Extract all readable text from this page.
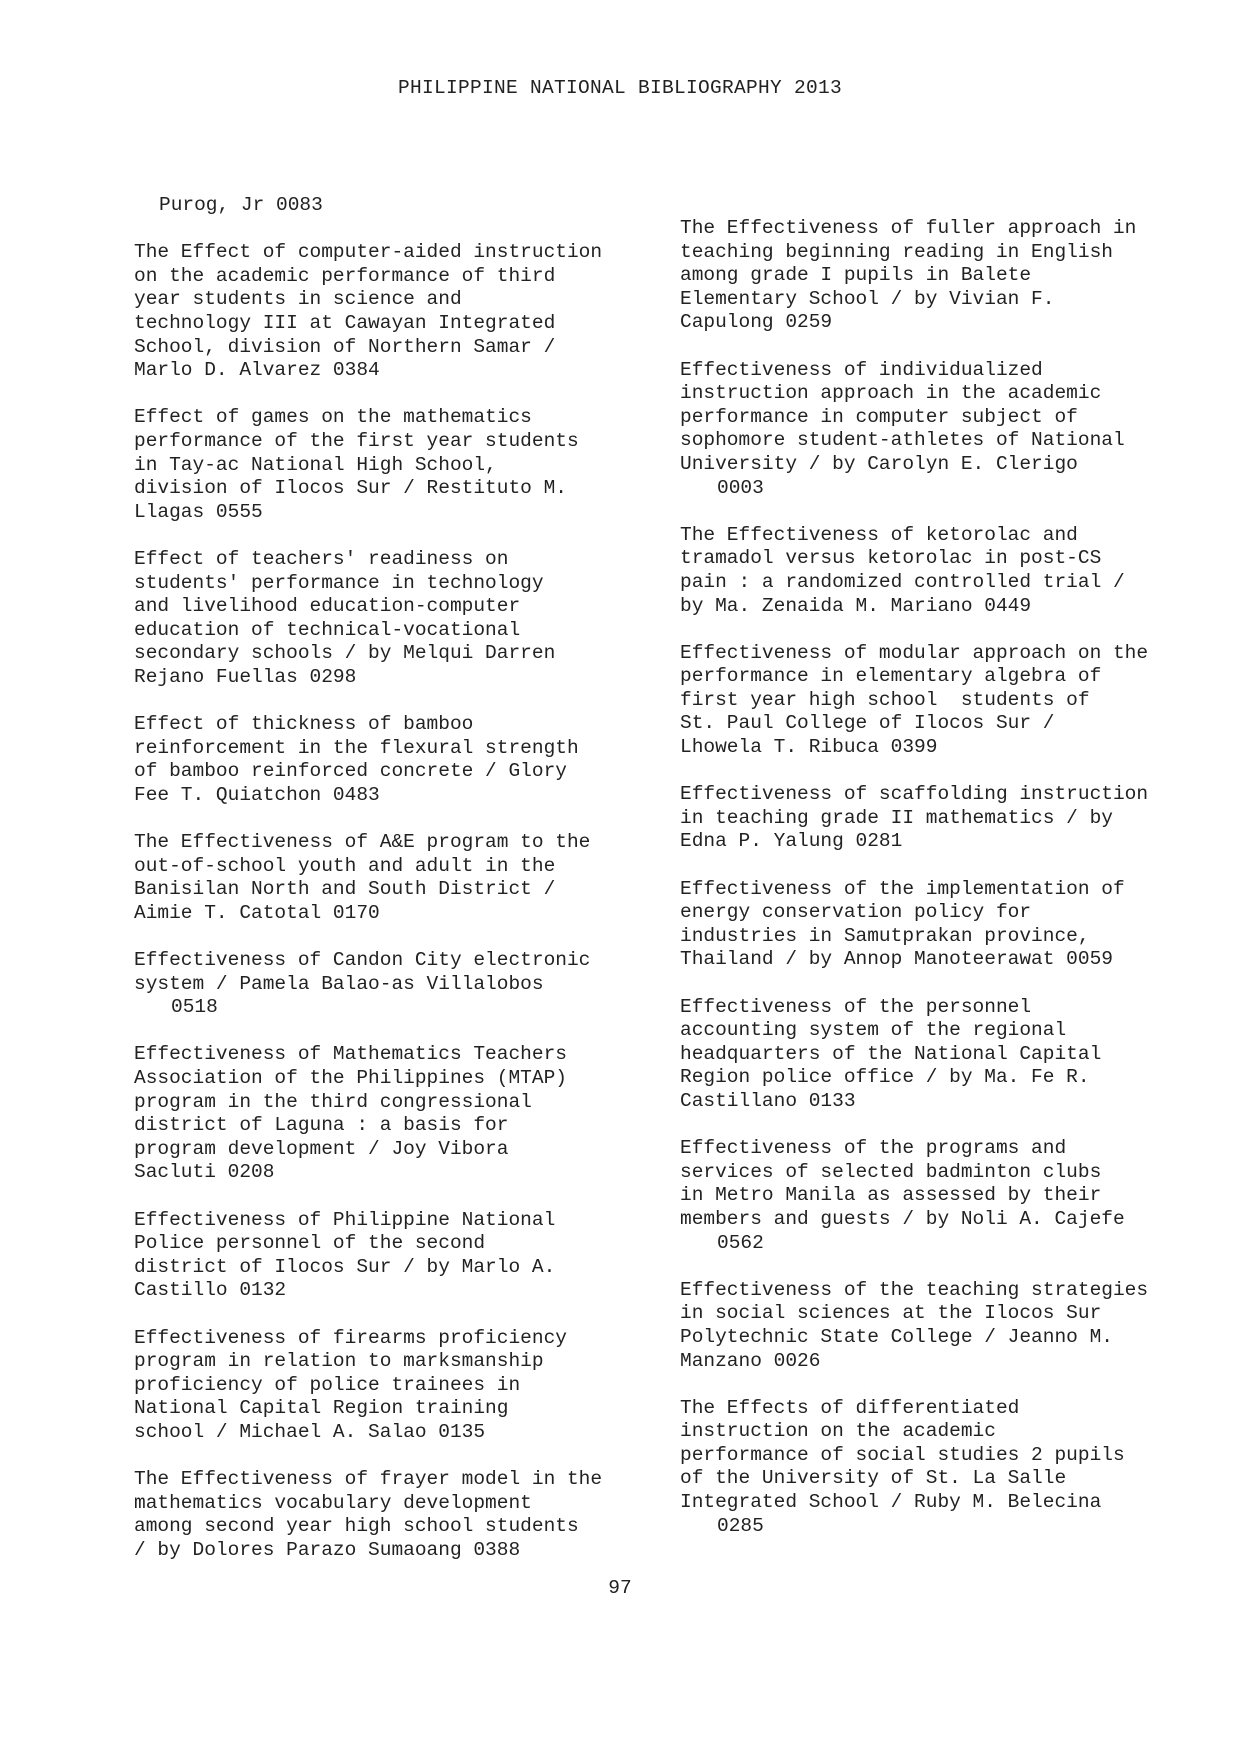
PHILIPPINE NATIONAL BIBLIOGRAPHY 2013

Purog, Jr 0083

The Effect of computer-aided instruction
on the academic performance of third
year students in science and
technology III at Cawayan Integrated
School, division of Northern Samar /
Marlo D. Alvarez 0384

Effect of games on the mathematics
performance of the first year students
in Tay-ac National High School,
division of Ilocos Sur / Restituto M.
Llagas 0555

Effect of teachers' readiness on
students' performance in technology
and livelihood education-computer
education of technical-vocational
secondary schools / by Melqui Darren
Rejano Fuellas 0298

Effect of thickness of bamboo
reinforcement in the flexural strength
of bamboo reinforced concrete / Glory
Fee T. Quiatchon 0483

The Effectiveness of A&E program to the
out-of-school youth and adult in the
Banisilan North and South District /
Aimie T. Catotal 0170

Effectiveness of Candon City electronic
system / Pamela Balao-as Villalobos
0518

Effectiveness of Mathematics Teachers
Association of the Philippines (MTAP)
program in the third congressional
district of Laguna : a basis for
program development / Joy Vibora
Sacluti 0208

Effectiveness of Philippine National
Police personnel of the second
district of Ilocos Sur / by Marlo A.
Castillo 0132

Effectiveness of firearms proficiency
program in relation to marksmanship
proficiency of police trainees in
National Capital Region training
school / Michael A. Salao 0135

The Effectiveness of frayer model in the
mathematics vocabulary development
among second year high school students
/ by Dolores Parazo Sumaoang 0388

The Effectiveness of fuller approach in
teaching beginning reading in English
among grade I pupils in Balete
Elementary School / by Vivian F.
Capulong 0259

Effectiveness of individualized
instruction approach in the academic
performance in computer subject of
sophomore student-athletes of National
University / by Carolyn E. Clerigo
0003

The Effectiveness of ketorolac and
tramadol versus ketorolac in post-CS
pain : a randomized controlled trial /
by Ma. Zenaida M. Mariano 0449

Effectiveness of modular approach on the
performance in elementary algebra of
first year high school  students of
St. Paul College of Ilocos Sur /
Lhowela T. Ribuca 0399

Effectiveness of scaffolding instruction
in teaching grade II mathematics / by
Edna P. Yalung 0281

Effectiveness of the implementation of
energy conservation policy for
industries in Samutprakan province,
Thailand / by Annop Manoteerawat 0059

Effectiveness of the personnel
accounting system of the regional
headquarters of the National Capital
Region police office / by Ma. Fe R.
Castillano 0133

Effectiveness of the programs and
services of selected badminton clubs
in Metro Manila as assessed by their
members and guests / by Noli A. Cajefe
0562

Effectiveness of the teaching strategies
in social sciences at the Ilocos Sur
Polytechnic State College / Jeanno M.
Manzano 0026

The Effects of differentiated
instruction on the academic
performance of social studies 2 pupils
of the University of St. La Salle
Integrated School / Ruby M. Belecina
0285

97
